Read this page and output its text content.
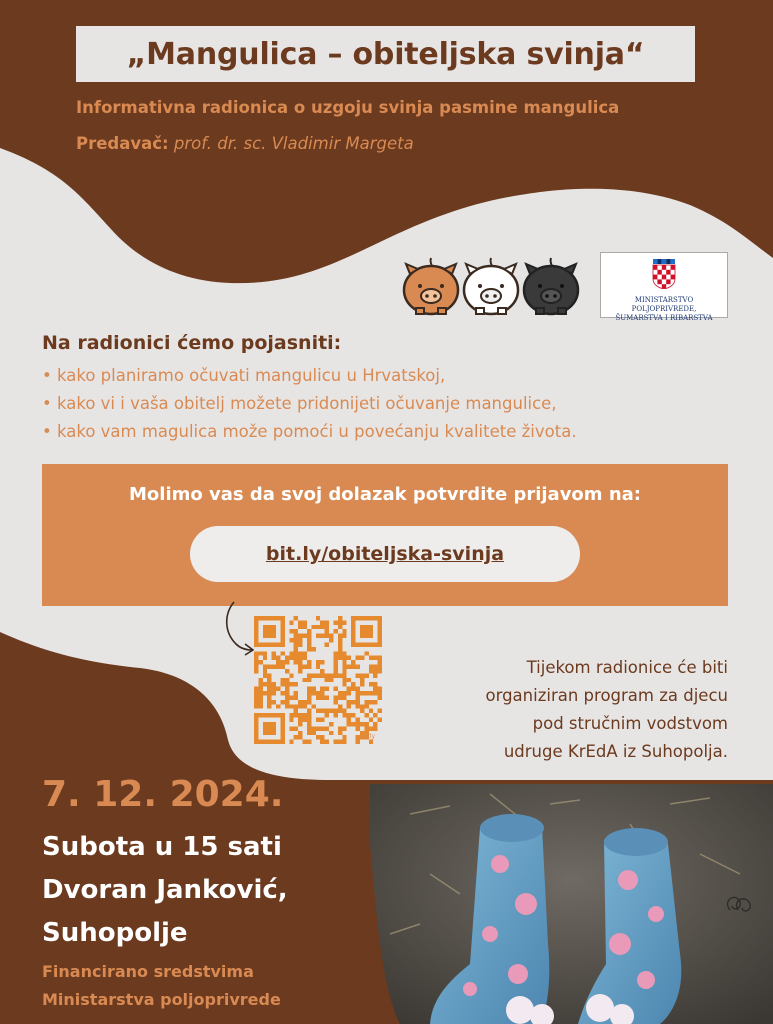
„Mangulica – obiteljska svinja“
Informativna radionica o uzgoju svinja pasmine mangulica
Predavač: prof. dr. sc. Vladimir Margeta
MINISTARSTVO POLJOPRIVREDE,
ŠUMARSTVA I RIBARSTVA
Na radionici ćemo pojasniti:
• kako planiramo očuvati mangulicu u Hrvatskoj,
• kako vi i vaša obitelj možete pridonijeti očuvanje mangulice,
• kako vam magulica može pomoći u povećanju kvalitete života.
Molimo vas da svoj dolazak potvrdite prijavom na:
bit.ly/obiteljska-svinja
bitly
Tijekom radionice će biti
organiziran program za djecu
pod stručnim vodstvom
udruge KrEdA iz Suhopolja.
7. 12. 2024.
Subota u 15 sati
Dvoran Janković,
Suhopolje
Financirano sredstvima
Ministarstva poljoprivrede
